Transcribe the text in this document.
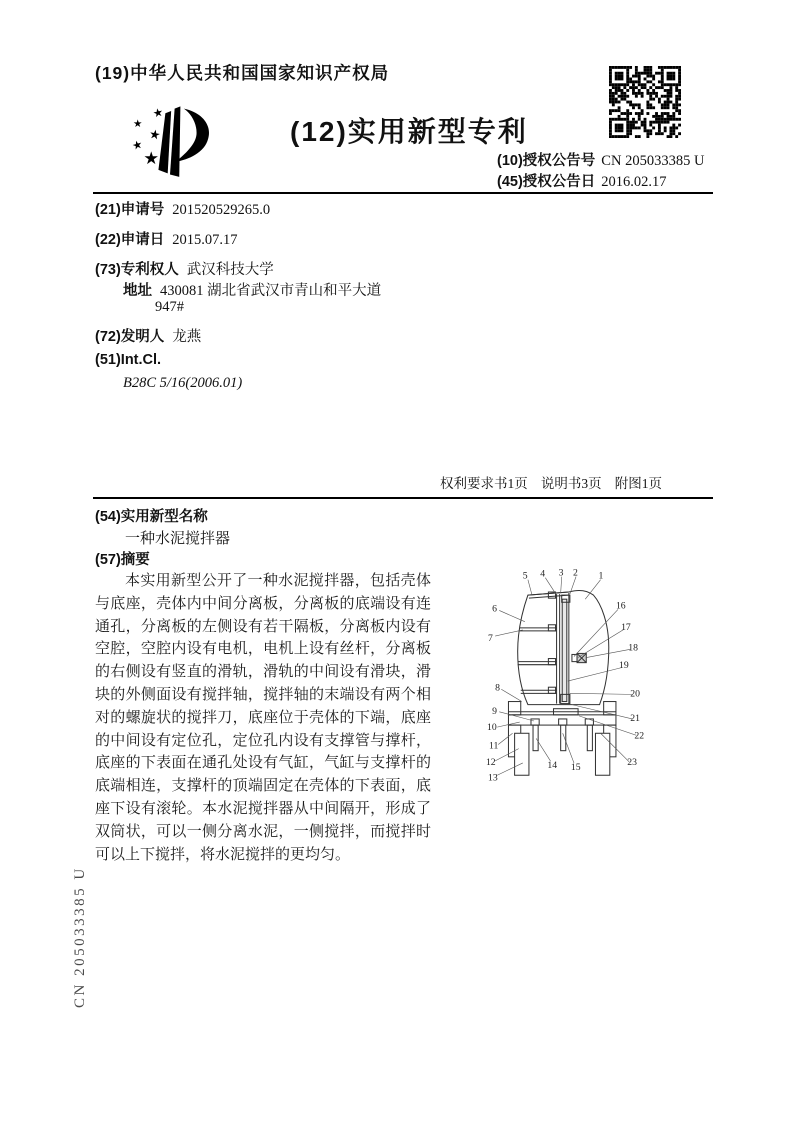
(19)中华人民共和国国家知识产权局
★
★
★
★
★
(12)实用新型专利
(10)授权公告号 CN 205033385 U
(45)授权公告日 2016.02.17
(21)申请号 201520529265.0
(22)申请日 2015.07.17
(73)专利权人 武汉科技大学
地址 430081 湖北省武汉市青山和平大道
947#
(72)发明人 龙燕
(51)Int.Cl.
B28C 5/16(2006.01)
权利要求书1页 说明书3页 附图1页
(54)实用新型名称
一种水泥搅拌器
(57)摘要
本实用新型公开了一种水泥搅拌器，包括壳体与底座，壳体内中间分离板，分离板的底端设有连通孔，分离板的左侧设有若干隔板，分离板内设有空腔，空腔内设有电机，电机上设有丝杆，分离板的右侧设有竖直的滑轨，滑轨的中间设有滑块，滑块的外侧面设有搅拌轴，搅拌轴的末端设有两个相对的螺旋状的搅拌刀，底座位于壳体的下端，底座的中间设有定位孔，定位孔内设有支撑管与撑杆，底座的下表面在通孔处设有气缸，气缸与支撑杆的底端相连，支撑杆的顶端固定在壳体的下表面，底座下设有滚轮。本水泥搅拌器从中间隔开，形成了双筒状，可以一侧分离水泥，一侧搅拌，而搅拌时可以上下搅拌，将水泥搅拌的更均匀。
1
2
3
4
5
6
7
8
9
10
11
12
13
14 15
16
17
18
19
20
21
22
23
CN 205033385 U
